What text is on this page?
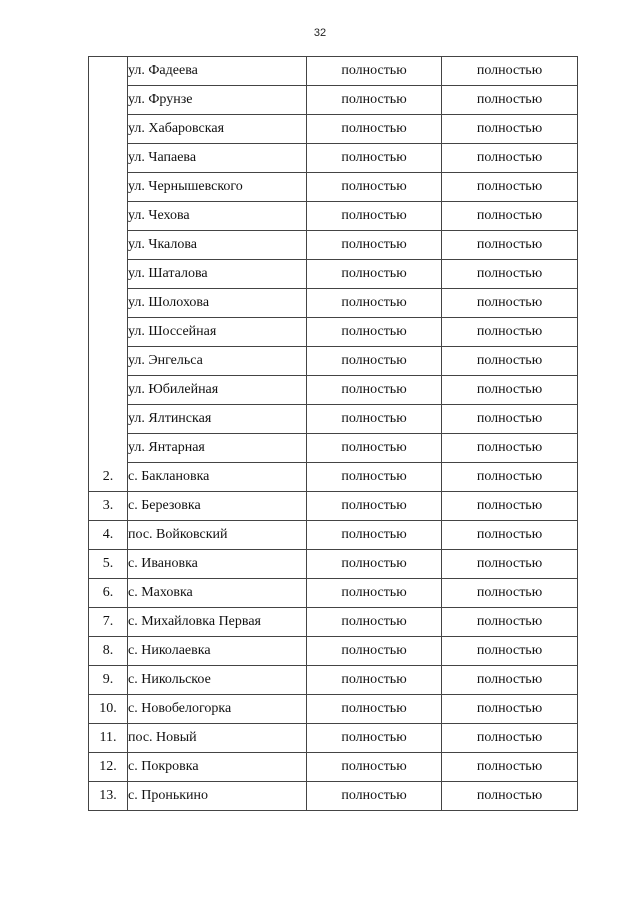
32
	ул. Фадеева	полностью	полностью
	ул. Фрунзе	полностью	полностью
	ул. Хабаровская	полностью	полностью
	ул. Чапаева	полностью	полностью
	ул. Чернышевского	полностью	полностью
	ул. Чехова	полностью	полностью
	ул. Чкалова	полностью	полностью
	ул. Шаталова	полностью	полностью
	ул. Шолохова	полностью	полностью
	ул. Шоссейная	полностью	полностью
	ул. Энгельса	полностью	полностью
	ул. Юбилейная	полностью	полностью
	ул. Ялтинская	полностью	полностью
	ул. Янтарная	полностью	полностью
2.	с. Баклановка	полностью	полностью
3.	с. Березовка	полностью	полностью
4.	пос. Войковский	полностью	полностью
5.	с. Ивановка	полностью	полностью
6.	с. Маховка	полностью	полностью
7.	с. Михайловка Первая	полностью	полностью
8.	с. Николаевка	полностью	полностью
9.	с. Никольское	полностью	полностью
10.	с. Новобелогорка	полностью	полностью
11.	пос. Новый	полностью	полностью
12.	с. Покровка	полностью	полностью
13.	с. Пронькино	полностью	полностью
